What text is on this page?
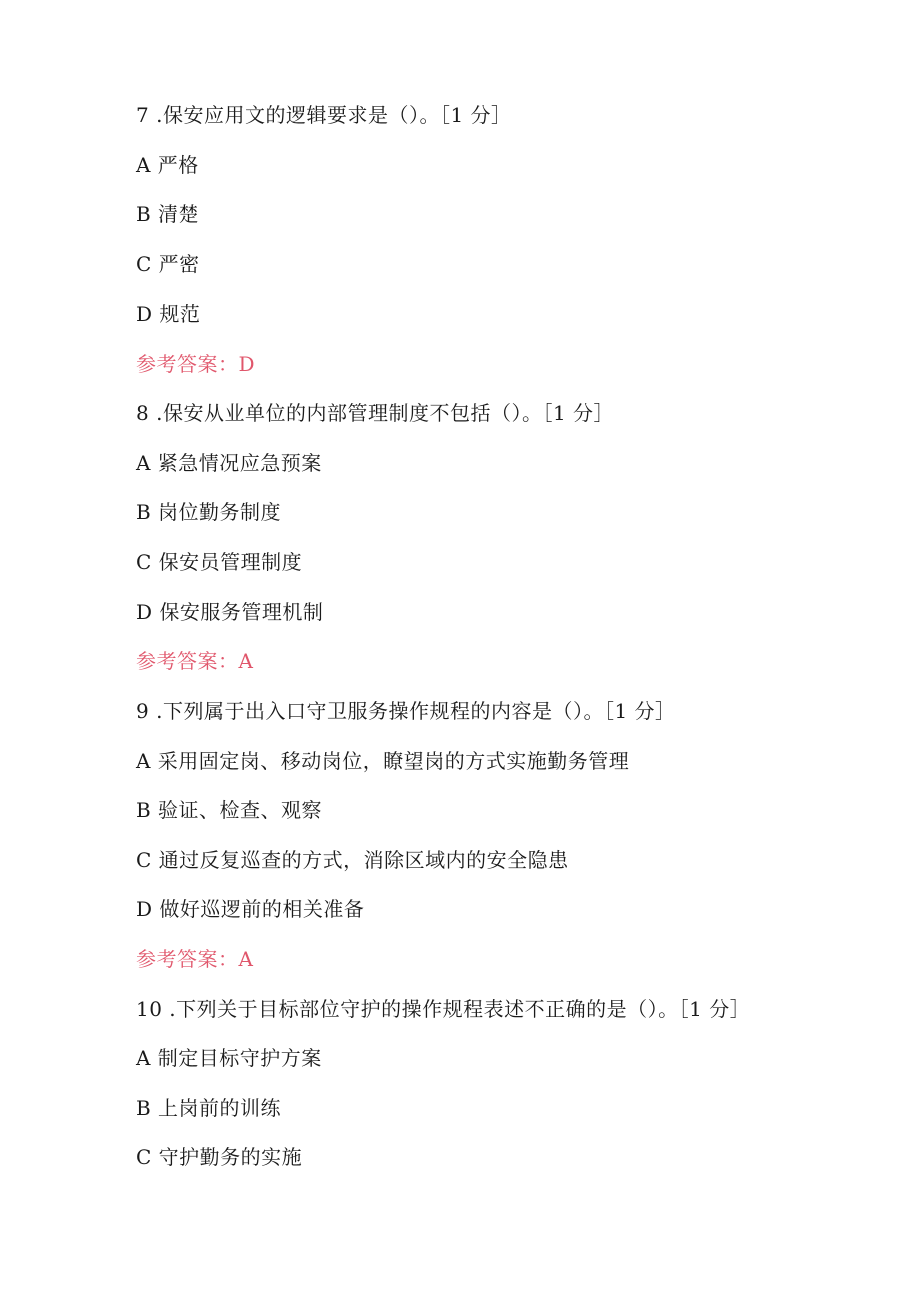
7 .保安应用文的逻辑要求是（）。［1 分］
A 严格
B 清楚
C 严密
D 规范
参考答案：D
8 .保安从业单位的内部管理制度不包括（）。［1 分］
A 紧急情况应急预案
B 岗位勤务制度
C 保安员管理制度
D 保安服务管理机制
参考答案：A
9 .下列属于出入口守卫服务操作规程的内容是（）。［1 分］
A 采用固定岗、移动岗位，瞭望岗的方式实施勤务管理
B 验证、检查、观察
C 通过反复巡查的方式，消除区域内的安全隐患
D 做好巡逻前的相关准备
参考答案：A
10 .下列关于目标部位守护的操作规程表述不正确的是（）。［1 分］
A 制定目标守护方案
B 上岗前的训练
C 守护勤务的实施
